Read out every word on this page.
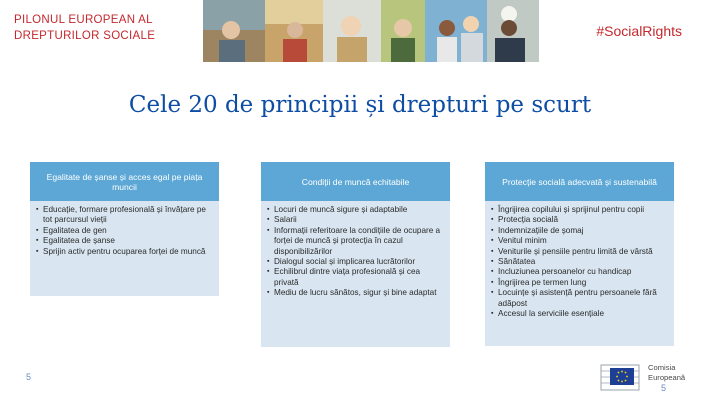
PILONUL EUROPEAN AL DREPTURILOR SOCIALE	#SocialRights
Cele 20 de principii și drepturi pe scurt
Egalitate de șanse și acces egal pe piața muncii
▪ Educație, formare profesională și învățare pe tot parcursul vieții
▪ Egalitatea de gen
▪ Egalitatea de șanse
▪ Sprijin activ pentru ocuparea forței de muncă
Condiții de muncă echitabile
▪ Locuri de muncă sigure și adaptabile
▪ Salarii
▪ Informații referitoare la condițiile de ocupare a forței de muncă și protecția în cazul disponibilizărilor
▪ Dialogul social și implicarea lucrătorilor
▪ Echilibrul dintre viața profesională și cea privată
▪ Mediu de lucru sănătos, sigur și bine adaptat
Protecție socială adecvată și sustenabilă
▪ Îngrijirea copilului și sprijinul pentru copii
▪ Protecția socială
▪ Indemnizațiile de șomaj
▪ Venitul minim
▪ Veniturile și pensiile pentru limită de vârstă
▪ Sănătatea
▪ Incluziunea persoanelor cu handicap
▪ Îngrijirea pe termen lung
▪ Locuințe și asistență pentru persoanele fără adăpost
▪ Accesul la serviciile esențiale
5
Comisia
Europeană
5
